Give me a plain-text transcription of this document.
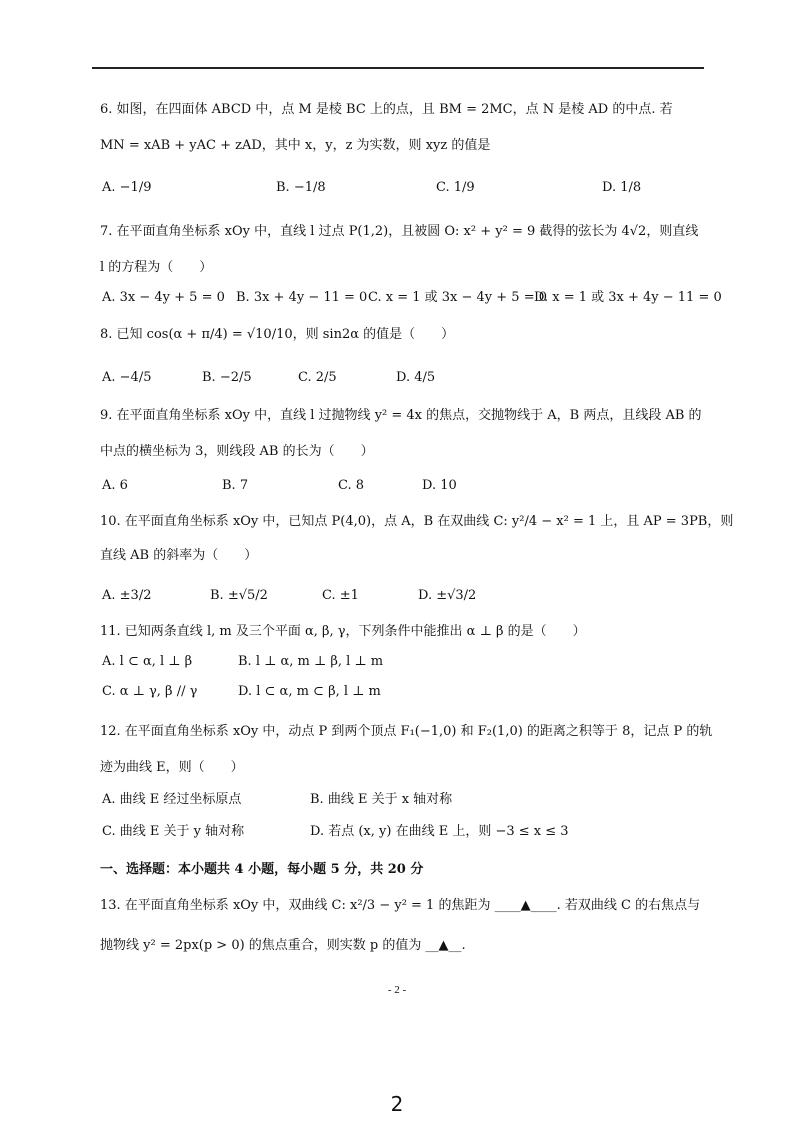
6. 如图，在四面体 ABCD 中，点 M 是棱 BC 上的点，且 BM = 2MC，点 N 是棱 AD 的中点. 若
MN = xAB + yAC + zAD，其中 x，y，z 为实数，则 xyz 的值是
A. −1/9	B. −1/8	C. 1/9	D. 1/8
7. 在平面直角坐标系 xOy 中，直线 l 过点 P(1,2)，且被圆 O: x² + y² = 9 截得的弦长为 4√2，则直线
l 的方程为（　　）
A. 3x − 4y + 5 = 0 B. 3x + 4y − 11 = 0 C. x = 1 或 3x − 4y + 5 = 0
D. x = 1 或 3x + 4y − 11 = 0
8. 已知 cos(α + π/4) = √10/10，则 sin2α 的值是（　　）
A. −4/5	B. −2/5	C. 2/5	D. 4/5
9. 在平面直角坐标系 xOy 中，直线 l 过抛物线 y² = 4x 的焦点，交抛物线于 A，B 两点，且线段 AB 的
中点的横坐标为 3，则线段 AB 的长为（　　）
A. 6	B. 7	C. 8	D. 10
10. 在平面直角坐标系 xOy 中，已知点 P(4,0)，点 A，B 在双曲线 C: y²/4 − x² = 1 上，且 AP = 3PB，则
直线 AB 的斜率为（　　）
A. ±3/2	B. ±√5/2	C. ±1	D. ±√3/2
11. 已知两条直线 l, m 及三个平面 α, β, γ，下列条件中能推出 α ⊥ β 的是（　　）
A. l ⊂ α, l ⊥ β	B. l ⊥ α, m ⊥ β, l ⊥ m
C. α ⊥ γ, β // γ	D. l ⊂ α, m ⊂ β, l ⊥ m
12. 在平面直角坐标系 xOy 中，动点 P 到两个顶点 F₁(−1,0) 和 F₂(1,0) 的距离之积等于 8，记点 P 的轨
迹为曲线 E，则（　　）
A. 曲线 E 经过坐标原点	B. 曲线 E 关于 x 轴对称
C. 曲线 E 关于 y 轴对称	D. 若点 (x, y) 在曲线 E 上，则 −3 ≤ x ≤ 3
一、选择题：本小题共 4 小题，每小题 5 分，共 20 分
13. 在平面直角坐标系 xOy 中，双曲线 C: x²/3 − y² = 1 的焦距为 ____▲____. 若双曲线 C 的右焦点与
抛物线 y² = 2px(p > 0) 的焦点重合，则实数 p 的值为 __▲__.
- 2 -
2
